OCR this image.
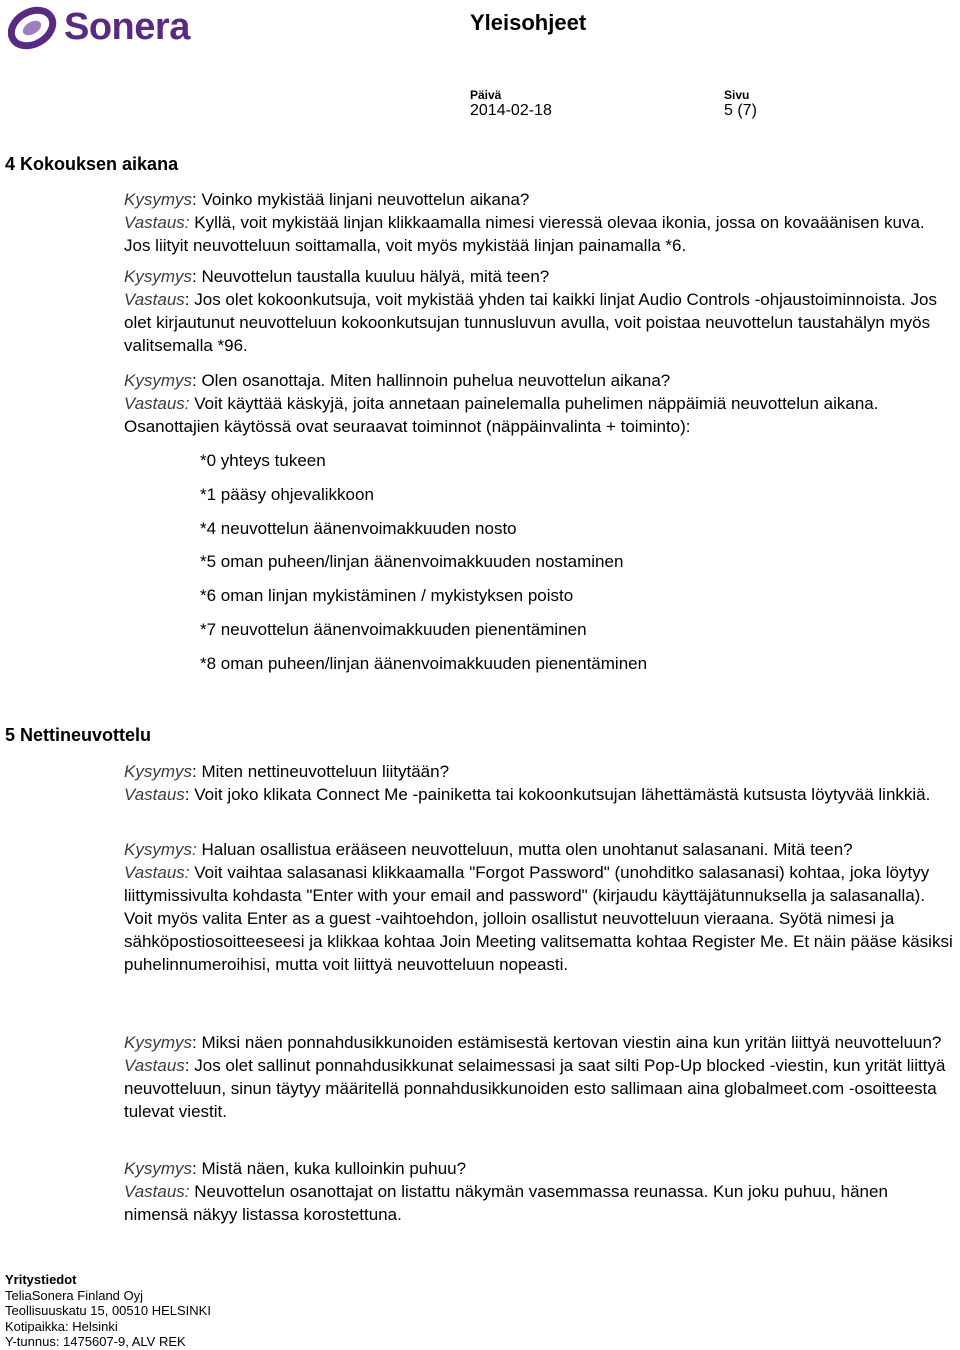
Sonera	Yleisohjeet
Päivä
2014-02-18
Sivu
5 (7)
4 Kokouksen aikana

Kysymys: Voinko mykistää linjani neuvottelun aikana?

Vastaus: Kyllä, voit mykistää linjan klikkaamalla nimesi vieressä olevaa ikonia, jossa on kovaäänisen kuva. Jos liityit neuvotteluun soittamalla, voit myös mykistää linjan painamalla *6.

Kysymys: Neuvottelun taustalla kuuluu hälyä, mitä teen?

Vastaus: Jos olet kokoonkutsuja, voit mykistää yhden tai kaikki linjat Audio Controls -ohjaustoiminnoista. Jos olet kirjautunut neuvotteluun kokoonkutsujan tunnusluvun avulla, voit poistaa neuvottelun taustahälyn myös valitsemalla *96.

Kysymys: Olen osanottaja. Miten hallinnoin puhelua neuvottelun aikana?

Vastaus: Voit käyttää käskyjä, joita annetaan painelemalla puhelimen näppäimiä neuvottelun aikana. Osanottajien käytössä ovat seuraavat toiminnot (näppäinvalinta + toiminto):

*0 yhteys tukeen
*1 pääsy ohjevalikkoon
*4 neuvottelun äänenvoimakkuuden nosto
*5 oman puheen/linjan äänenvoimakkuuden nostaminen
*6 oman linjan mykistäminen / mykistyksen poisto
*7 neuvottelun äänenvoimakkuuden pienentäminen
*8 oman puheen/linjan äänenvoimakkuuden pienentäminen
5 Nettineuvottelu

Kysymys: Miten nettineuvotteluun liitytään?

Vastaus: Voit joko klikata Connect Me -painiketta tai kokoonkutsujan lähettämästä kutsusta löytyvää linkkiä.

Kysymys: Haluan osallistua erääseen neuvotteluun, mutta olen unohtanut salasanani. Mitä teen?

Vastaus: Voit vaihtaa salasanasi klikkaamalla "Forgot Password" (unohditko salasanasi) kohtaa, joka löytyy liittymissivulta kohdasta "Enter with your email and password" (kirjaudu käyttäjätunnuksella ja salasanalla). Voit myös valita Enter as a guest -vaihtoehdon, jolloin osallistut neuvotteluun vieraana. Syötä nimesi ja sähköpostiosoitteeseesi ja klikkaa kohtaa Join Meeting valitsematta kohtaa Register Me. Et näin pääse käsiksi puhelinnumeroihisi, mutta voit liittyä neuvotteluun nopeasti.

Kysymys: Miksi näen ponnahdusikkunoiden estämisestä kertovan viestin aina kun yritän liittyä neuvotteluun?

Vastaus: Jos olet sallinut ponnahdusikkunat selaimessasi ja saat silti Pop-Up blocked -viestin, kun yrität liittyä neuvotteluun, sinun täytyy määritellä ponnahdusikkunoiden esto sallimaan aina globalmeet.com -osoitteesta tulevat viestit.

Kysymys: Mistä näen, kuka kulloinkin puhuu?

Vastaus: Neuvottelun osanottajat on listattu näkymän vasemmassa reunassa. Kun joku puhuu, hänen nimensä näkyy listassa korostettuna.

Yritystiedot
TeliaSonera Finland Oyj
Teollisuuskatu 15, 00510 HELSINKI
Kotipaikka: Helsinki
Y-tunnus: 1475607-9, ALV REK
